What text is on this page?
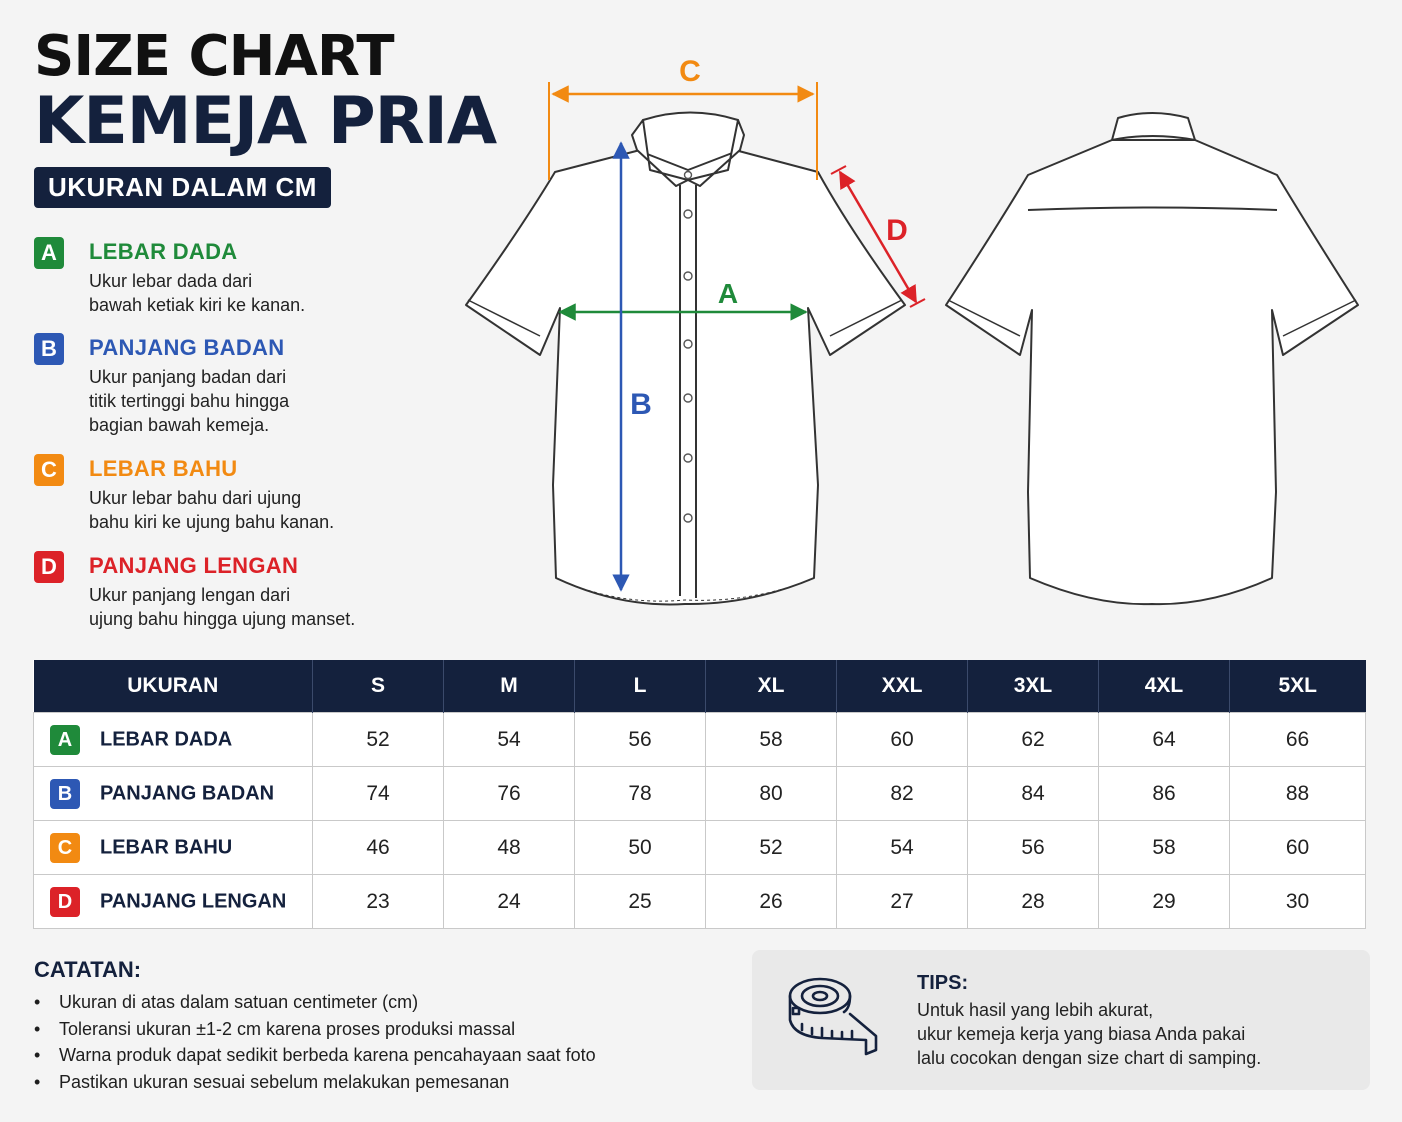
SIZE CHART
KEMEJA PRIA
UKURAN DALAM CM
A	LEBAR DADA
Ukur lebar dada dari
bawah ketiak kiri ke kanan.
B	PANJANG BADAN
Ukur panjang badan dari
titik tertinggi bahu hingga
bagian bawah kemeja.
C	LEBAR BAHU
Ukur lebar bahu dari ujung
bahu kiri ke ujung bahu kanan.
D	PANJANG LENGAN
Ukur panjang lengan dari
ujung bahu hingga ujung manset.
C
A
B
D
UKURAN	S	M	L	XL	XXL	3XL	4XL	5XL
A LEBAR DADA	52	54	56	58	60	62	64	66
B PANJANG BADAN	74	76	78	80	82	84	86	88
C LEBAR BAHU	46	48	50	52	54	56	58	60
D PANJANG LENGAN	23	24	25	26	27	28	29	30
CATATAN:
• Ukuran di atas dalam satuan centimeter (cm)
• Toleransi ukuran ±1-2 cm karena proses produksi massal
• Warna produk dapat sedikit berbeda karena pencahayaan saat foto
• Pastikan ukuran sesuai sebelum melakukan pemesanan
TIPS:
Untuk hasil yang lebih akurat,
ukur kemeja kerja yang biasa Anda pakai
lalu cocokan dengan size chart di samping.
